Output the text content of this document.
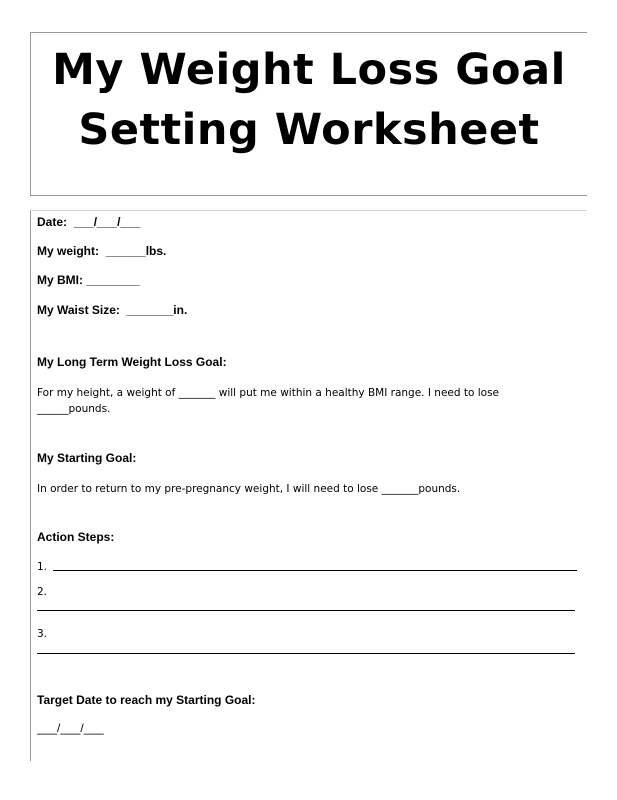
My Weight Loss Goal
Setting Worksheet
Date: ___/___/___
My weight: ______lbs.
My BMI: ________
My Waist Size: _______in.
My Long Term Weight Loss Goal:
For my height, a weight of _______ will put me within a healthy BMI range. I need to lose ______pounds.
My Starting Goal:
In order to return to my pre-pregnancy weight, I will need to lose _______pounds.
Action Steps:
1.
2.
3.
Target Date to reach my Starting Goal:
___/___/___
